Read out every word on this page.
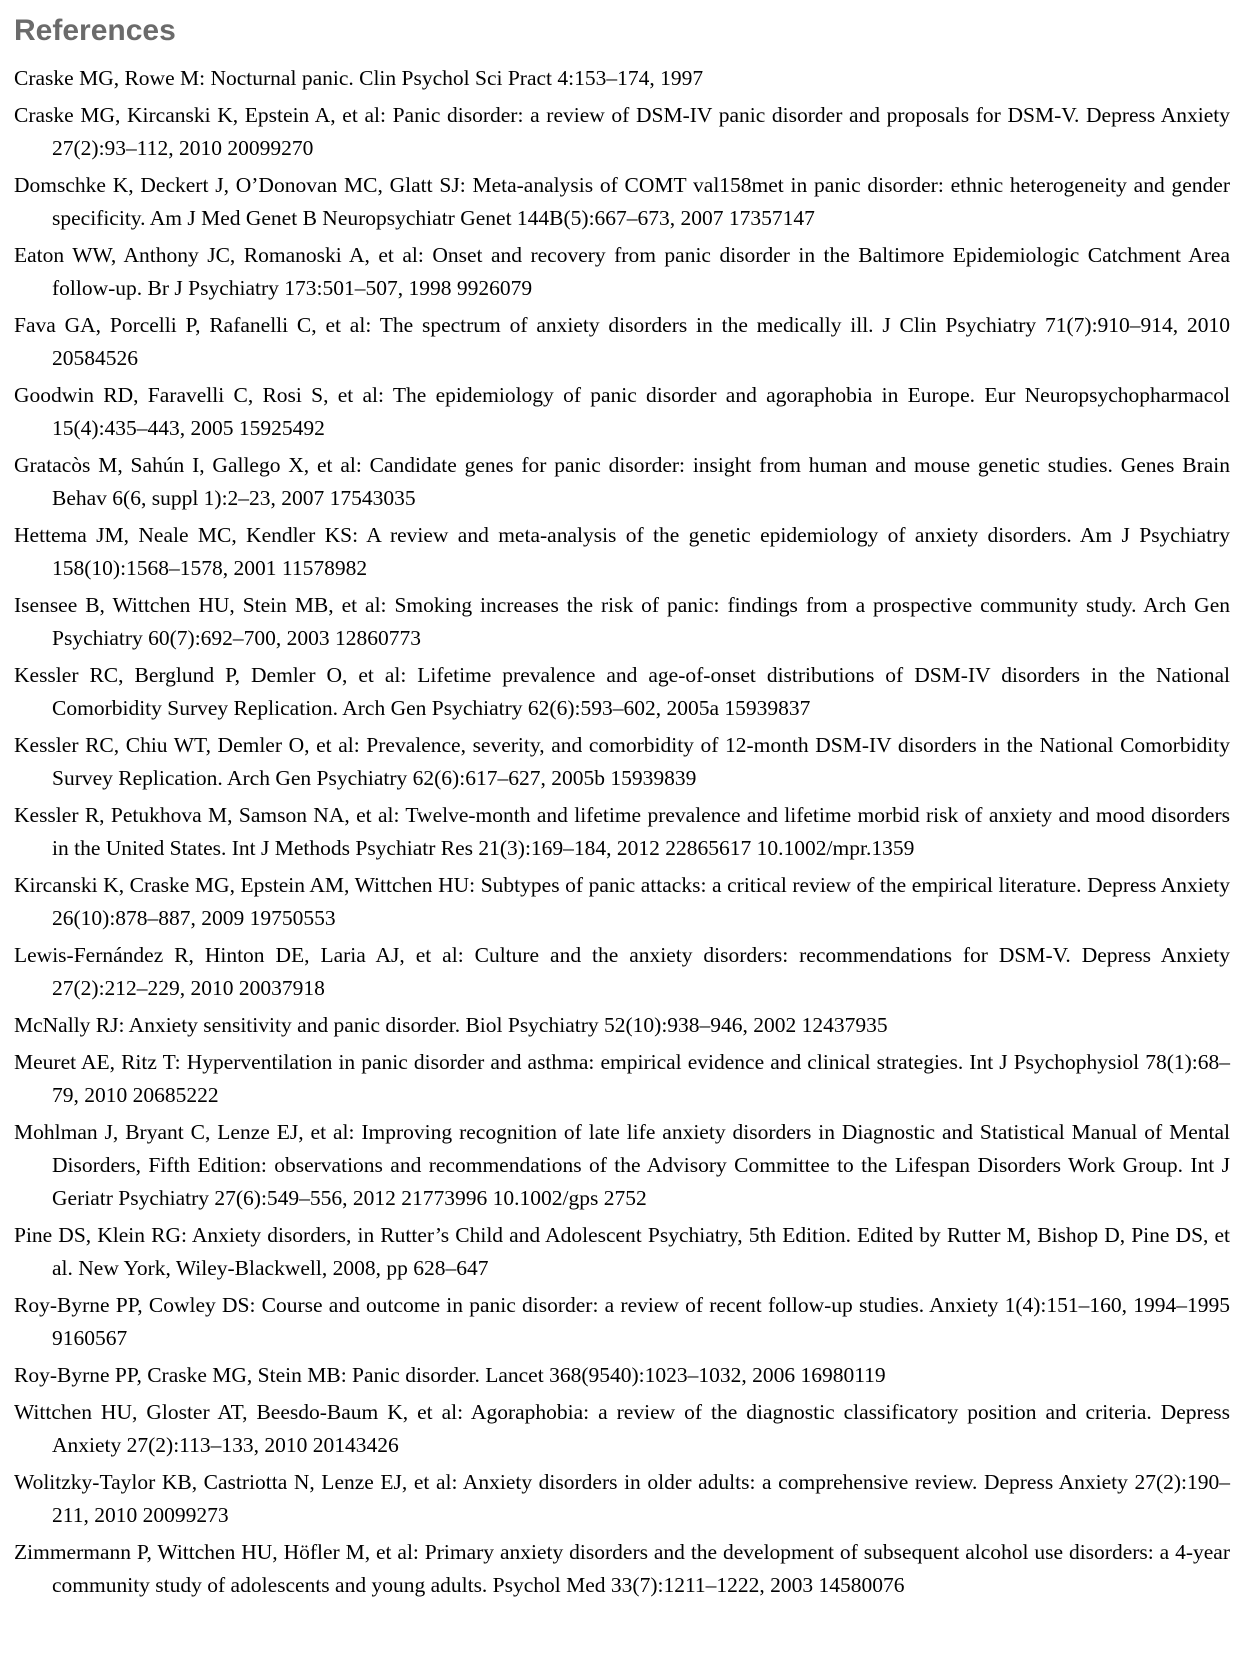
References

Craske MG, Rowe M: Nocturnal panic. Clin Psychol Sci Pract 4:153–174, 1997

Craske MG, Kircanski K, Epstein A, et al: Panic disorder: a review of DSM-IV panic disorder and proposals for DSM-V. Depress Anxiety 27(2):93–112, 2010 20099270

Domschke K, Deckert J, O’Donovan MC, Glatt SJ: Meta-analysis of COMT val158met in panic disorder: ethnic heterogeneity and gender specificity. Am J Med Genet B Neuropsychiatr Genet 144B(5):667–673, 2007 17357147

Eaton WW, Anthony JC, Romanoski A, et al: Onset and recovery from panic disorder in the Baltimore Epidemiologic Catchment Area follow-up. Br J Psychiatry 173:501–507, 1998 9926079

Fava GA, Porcelli P, Rafanelli C, et al: The spectrum of anxiety disorders in the medically ill. J Clin Psychiatry 71(7):910–914, 2010 20584526

Goodwin RD, Faravelli C, Rosi S, et al: The epidemiology of panic disorder and agoraphobia in Europe. Eur Neuropsychopharmacol 15(4):435–443, 2005 15925492

Gratacòs M, Sahún I, Gallego X, et al: Candidate genes for panic disorder: insight from human and mouse genetic studies. Genes Brain Behav 6(6, suppl 1):2–23, 2007 17543035

Hettema JM, Neale MC, Kendler KS: A review and meta-analysis of the genetic epidemiology of anxiety disorders. Am J Psychiatry 158(10):1568–1578, 2001 11578982

Isensee B, Wittchen HU, Stein MB, et al: Smoking increases the risk of panic: findings from a prospective community study. Arch Gen Psychiatry 60(7):692–700, 2003 12860773

Kessler RC, Berglund P, Demler O, et al: Lifetime prevalence and age-of-onset distributions of DSM-IV disorders in the National Comorbidity Survey Replication. Arch Gen Psychiatry 62(6):593–602, 2005a 15939837

Kessler RC, Chiu WT, Demler O, et al: Prevalence, severity, and comorbidity of 12-month DSM-IV disorders in the National Comorbidity Survey Replication. Arch Gen Psychiatry 62(6):617–627, 2005b 15939839

Kessler R, Petukhova M, Samson NA, et al: Twelve-month and lifetime prevalence and lifetime morbid risk of anxiety and mood disorders in the United States. Int J Methods Psychiatr Res 21(3):169–184, 2012 22865617 10.1002/mpr.1359

Kircanski K, Craske MG, Epstein AM, Wittchen HU: Subtypes of panic attacks: a critical review of the empirical literature. Depress Anxiety 26(10):878–887, 2009 19750553

Lewis-Fernández R, Hinton DE, Laria AJ, et al: Culture and the anxiety disorders: recommendations for DSM-V. Depress Anxiety 27(2):212–229, 2010 20037918

McNally RJ: Anxiety sensitivity and panic disorder. Biol Psychiatry 52(10):938–946, 2002 12437935

Meuret AE, Ritz T: Hyperventilation in panic disorder and asthma: empirical evidence and clinical strategies. Int J Psychophysiol 78(1):68–79, 2010 20685222

Mohlman J, Bryant C, Lenze EJ, et al: Improving recognition of late life anxiety disorders in Diagnostic and Statistical Manual of Mental Disorders, Fifth Edition: observations and recommendations of the Advisory Committee to the Lifespan Disorders Work Group. Int J Geriatr Psychiatry 27(6):549–556, 2012 21773996 10.1002/gps 2752

Pine DS, Klein RG: Anxiety disorders, in Rutter’s Child and Adolescent Psychiatry, 5th Edition. Edited by Rutter M, Bishop D, Pine DS, et al. New York, Wiley-Blackwell, 2008, pp 628–647

Roy-Byrne PP, Cowley DS: Course and outcome in panic disorder: a review of recent follow-up studies. Anxiety 1(4):151–160, 1994–1995 9160567

Roy-Byrne PP, Craske MG, Stein MB: Panic disorder. Lancet 368(9540):1023–1032, 2006 16980119

Wittchen HU, Gloster AT, Beesdo-Baum K, et al: Agoraphobia: a review of the diagnostic classificatory position and criteria. Depress Anxiety 27(2):113–133, 2010 20143426

Wolitzky-Taylor KB, Castriotta N, Lenze EJ, et al: Anxiety disorders in older adults: a comprehensive review. Depress Anxiety 27(2):190–211, 2010 20099273

Zimmermann P, Wittchen HU, Höfler M, et al: Primary anxiety disorders and the development of subsequent alcohol use disorders: a 4-year community study of adolescents and young adults. Psychol Med 33(7):1211–1222, 2003 14580076
